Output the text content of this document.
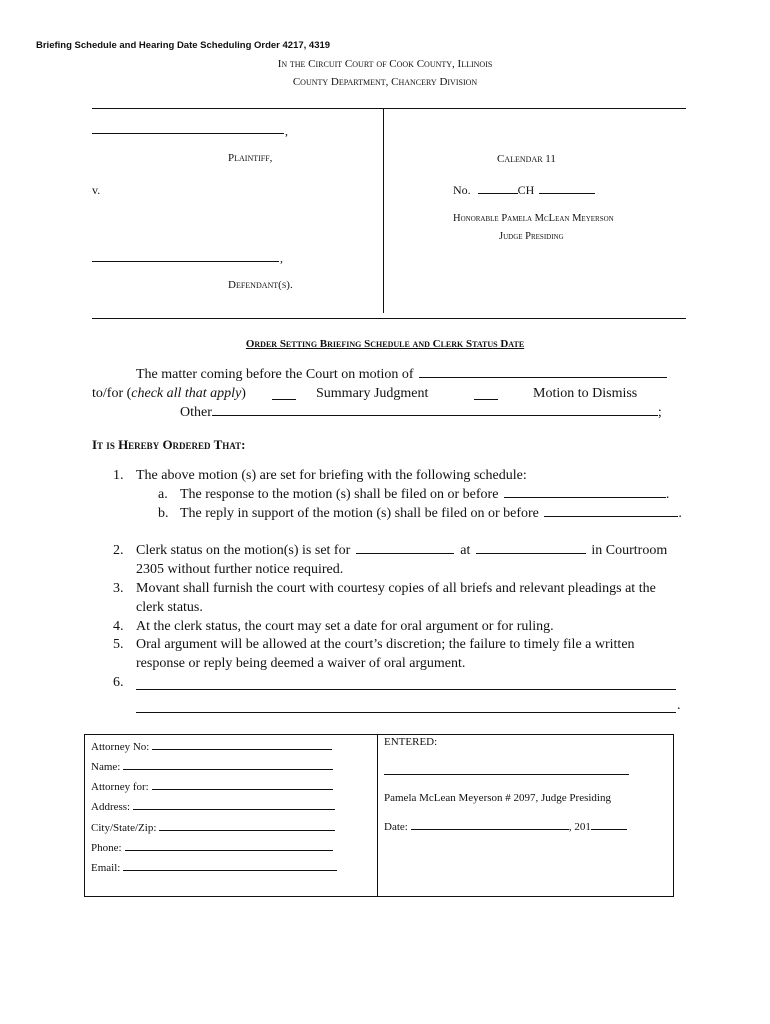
Briefing Schedule and Hearing Date Scheduling Order 4217, 4319
In the Circuit Court of Cook County, Illinois
County Department, Chancery Division
,
Plaintiff,
v.
,
Defendant(s).
Calendar 11
No.	CH
Honorable Pamela McLean Meyerson
Judge Presiding
Order Setting Briefing Schedule and Clerk Status Date
The matter coming before the Court on motion of
to/for (check all that apply)	Summary Judgment	Motion to Dismiss
Other	;
It is Hereby Ordered That:
1. The above motion (s) are set for briefing with the following schedule:
a. The response to the motion (s) shall be filed on or before	.
b. The reply in support of the motion (s) shall be filed on or before	.
2. Clerk status on the motion(s) is set for	at	in Courtroom
2305 without further notice required.
3. Movant shall furnish the court with courtesy copies of all briefs and relevant pleadings at the
clerk status.
4. At the clerk status, the court may set a date for oral argument or for ruling.
5. Oral argument will be allowed at the court’s discretion; the failure to timely file a written
response or reply being deemed a waiver of oral argument.
6.
.
Attorney No:
Name:
Attorney for:
Address:
City/State/Zip:
Phone:
Email:
ENTERED:
Pamela McLean Meyerson # 2097, Judge Presiding
Date:	, 201
